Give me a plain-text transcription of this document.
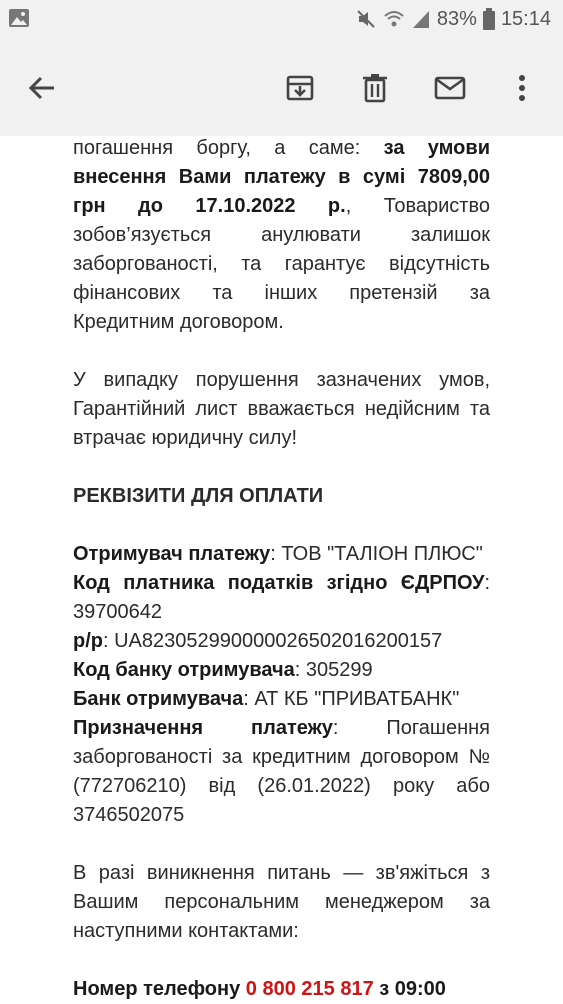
83% 15:14

погашення боргу, а саме: за умови внесення Вами платежу в сумі 7809,00 грн до 17.10.2022 р., Товариство зобов’язується анулювати залишок заборгованості, та гарантує відсутність фінансових та інших претензій за Кредитним договором.

У випадку порушення зазначених умов, Гарантійний лист вважається недійсним та втрачає юридичну силу!

РЕКВІЗИТИ ДЛЯ ОПЛАТИ

Отримувач платежу: ТОВ "ТАЛІОН ПЛЮС"

Код платника податків згідно ЄДРПОУ: 39700642

р/р: UA823052990000026502016200157

Код банку отримувача: 305299

Банк отримувача: АТ КБ "ПРИВАТБАНК"

Призначення платежу: Погашення заборгованості за кредитним договором № (772706210) від (26.01.2022) року або 3746502075

В разі виникнення питань — зв'яжіться з Вашим персональним менеджером за наступними контактами:

Номер телефону 0 800 215 817 з 09:00
